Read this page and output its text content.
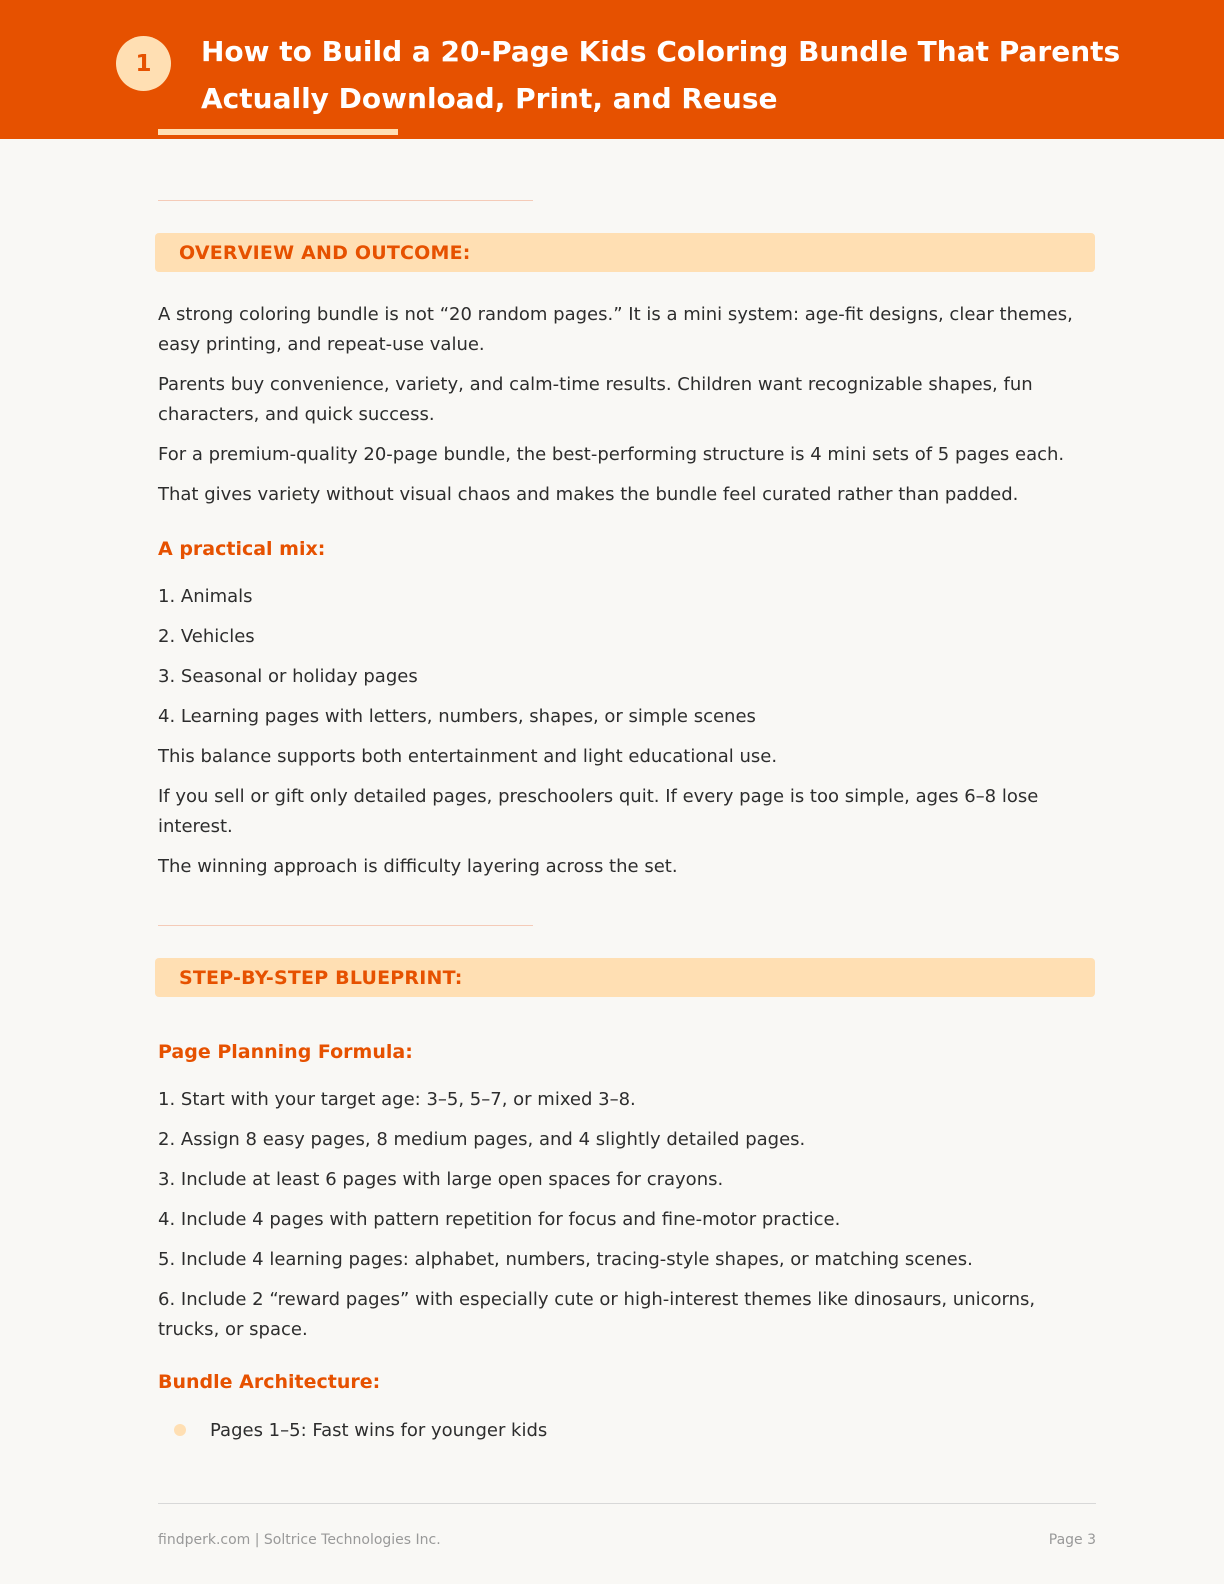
1	How to Build a 20-Page Kids Coloring Bundle That Parents
Actually Download, Print, and Reuse
OVERVIEW AND OUTCOME:

A strong coloring bundle is not “20 random pages.” It is a mini system: age-fit designs, clear themes, easy printing, and repeat-use value.

Parents buy convenience, variety, and calm-time results. Children want recognizable shapes, fun characters, and quick success.

For a premium-quality 20-page bundle, the best-performing structure is 4 mini sets of 5 pages each.

That gives variety without visual chaos and makes the bundle feel curated rather than padded.

A practical mix:

1. Animals

2. Vehicles

3. Seasonal or holiday pages

4. Learning pages with letters, numbers, shapes, or simple scenes

This balance supports both entertainment and light educational use.

If you sell or gift only detailed pages, preschoolers quit. If every page is too simple, ages 6–8 lose interest.

The winning approach is difficulty layering across the set.

STEP-BY-STEP BLUEPRINT:
Page Planning Formula:

1. Start with your target age: 3–5, 5–7, or mixed 3–8.

2. Assign 8 easy pages, 8 medium pages, and 4 slightly detailed pages.

3. Include at least 6 pages with large open spaces for crayons.

4. Include 4 pages with pattern repetition for focus and fine-motor practice.

5. Include 4 learning pages: alphabet, numbers, tracing-style shapes, or matching scenes.

6. Include 2 “reward pages” with especially cute or high-interest themes like dinosaurs, unicorns, trucks, or space.

Bundle Architecture:
Pages 1–5: Fast wins for younger kids
findperk.com | Soltrice Technologies Inc.	Page 3
